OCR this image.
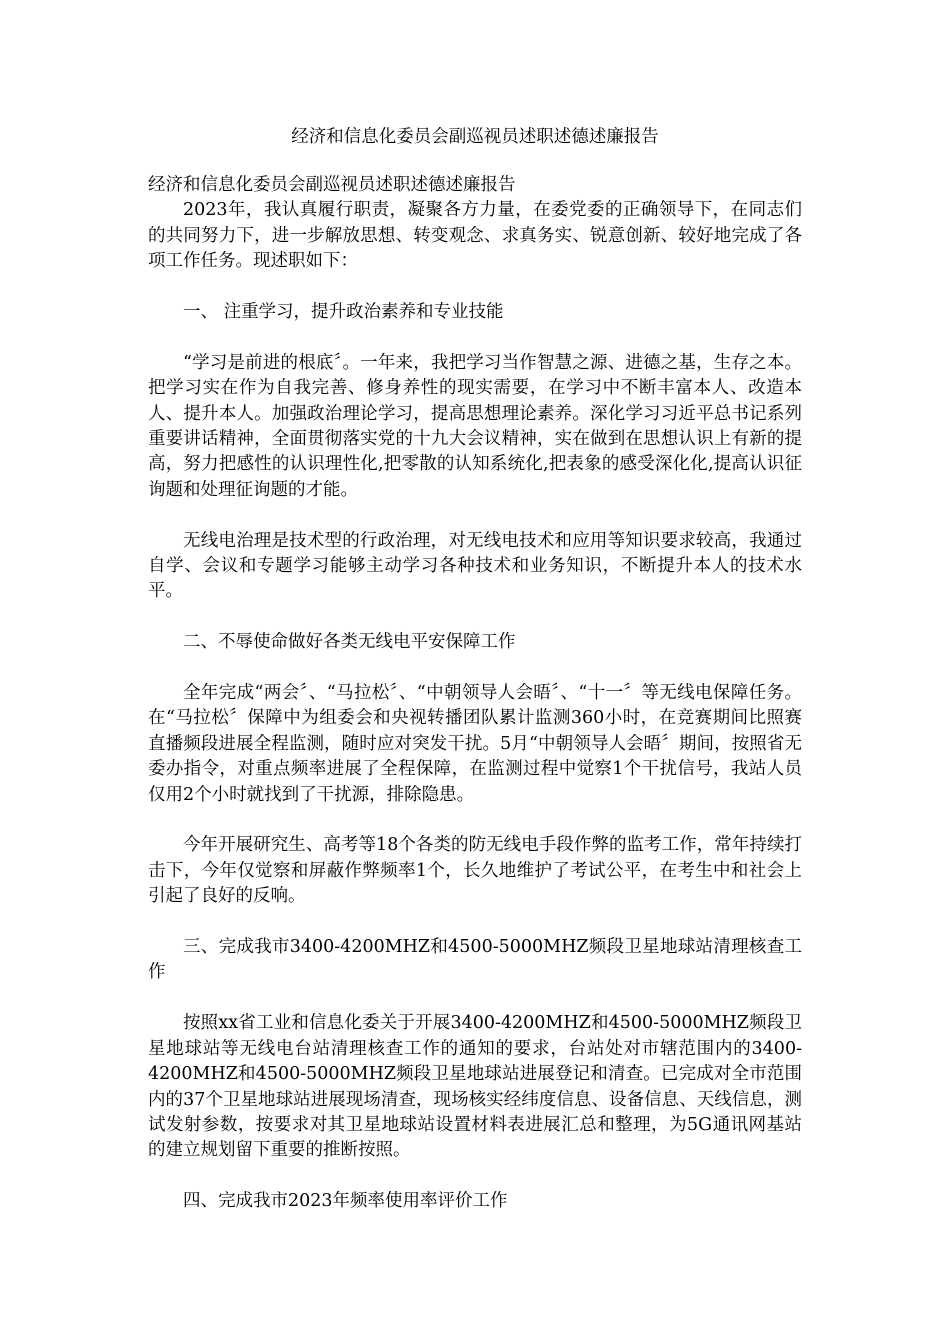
经济和信息化委员会副巡视员述职述德述廉报告

经济和信息化委员会副巡视员述职述德述廉报告

2023年，我认真履行职责，凝聚各方力量，在委党委的正确领导下，在同志们的共同努力下，进一步解放思想、转变观念、求真务实、锐意创新、较好地完成了各项工作任务。现述职如下：

一、 注重学习，提升政治素养和专业技能

“学习是前进的根底〞。一年来，我把学习当作智慧之源、进德之基，生存之本。把学习实在作为自我完善、修身养性的现实需要，在学习中不断丰富本人、改造本人、提升本人。加强政治理论学习，提高思想理论素养。深化学习习近平总书记系列重要讲话精神，全面贯彻落实党的十九大会议精神，实在做到在思想认识上有新的提高，努力把感性的认识理性化,把零散的认知系统化,把表象的感受深化化,提高认识征询题和处理征询题的才能。

无线电治理是技术型的行政治理，对无线电技术和应用等知识要求较高，我通过自学、会议和专题学习能够主动学习各种技术和业务知识，不断提升本人的技术水平。

二、不辱使命做好各类无线电平安保障工作

全年完成“两会〞、“马拉松〞、“中朝领导人会晤〞、“十一〞等无线电保障任务。在“马拉松〞保障中为组委会和央视转播团队累计监测360小时，在竞赛期间比照赛直播频段进展全程监测，随时应对突发干扰。5月“中朝领导人会晤〞期间，按照省无委办指令，对重点频率进展了全程保障，在监测过程中觉察1个干扰信号，我站人员仅用2个小时就找到了干扰源，排除隐患。

今年开展研究生、高考等18个各类的防无线电手段作弊的监考工作，常年持续打击下，今年仅觉察和屏蔽作弊频率1个，长久地维护了考试公平，在考生中和社会上引起了良好的反响。

三、完成我市3400-4200MHZ和4500-5000MHZ频段卫星地球站清理核查工作

按照xx省工业和信息化委关于开展3400-4200MHZ和4500-5000MHZ频段卫星地球站等无线电台站清理核查工作的通知的要求，台站处对市辖范围内的3400-4200MHZ和4500-5000MHZ频段卫星地球站进展登记和清查。已完成对全市范围内的37个卫星地球站进展现场清查，现场核实经纬度信息、设备信息、天线信息，测试发射参数，按要求对其卫星地球站设置材料表进展汇总和整理，为5G通讯网基站的建立规划留下重要的推断按照。

四、完成我市2023年频率使用率评价工作
